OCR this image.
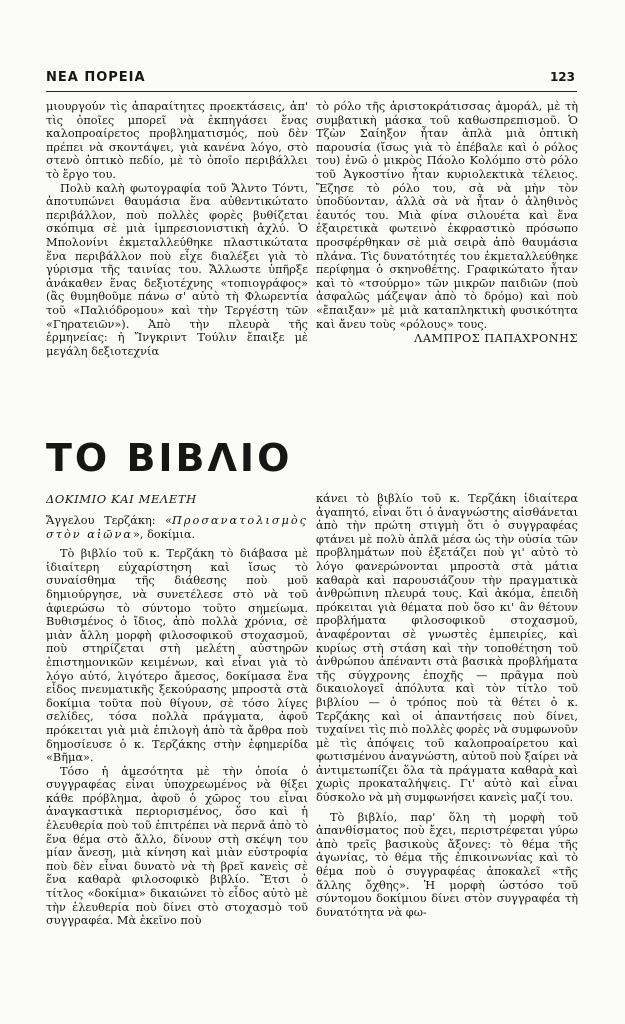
ΝΕΑ ΠΟΡΕΙΑ	123

μιουργούν τὶς ἀπαραίτητες προεκτάσεις, ἀπ' τὶς ὁποῖες μπορεῖ νὰ ἐκπηγάσει ἕνας καλοπροαίρετος προβληματισμός, ποὺ δὲν πρέπει νὰ σκοντάψει, γιὰ κανένα λόγο, στὸ στενὸ ὀπτικὸ πεδίο, μὲ τὸ ὁποῖο περιβάλλει τὸ ἔργο του.

Πολὺ καλὴ φωτογραφία τοῦ Ἄλντο Τόντι, ἀποτυπώνει θαυμάσια ἕνα αὐθεντικώτατο περιβάλλον, ποὺ πολλὲς φορὲς βυθίζεται σκόπιμα σὲ μιὰ ἰμπρεσιονιστικὴ ἀχλύ. Ὁ Μπολονίνι ἐκμεταλλεύθηκε πλαστικώτατα ἕνα περιβάλλον ποὺ εἶχε διαλέξει γιὰ τὸ γύρισμα τῆς ταινίας του. Ἄλλωστε ὑπῆρξε ἀνάκαθεν ἕνας δεξιοτέχνης «τοπιογράφος» (ἂς θυμηθοῦμε πάνω σ' αὐτὸ τὴ Φλωρεντία τοῦ «Παλιόδρομου» καὶ τὴν Τεργέστη τῶν «Γηρατειῶν»). Ἀπὸ τὴν πλευρὰ τῆς ἑρμηνείας: ἡ Ἴνγκριντ Τούλιν ἔπαιξε μὲ μεγάλη δεξιοτεχνία

τὸ ρόλο τῆς ἀριστοκράτισσας ἀμοράλ, μὲ τὴ συμβατικὴ μάσκα τοῦ καθωσπρεπισμοῦ. Ὁ Τζὼν Σαίηξον ἦταν ἀπλὰ μιὰ ὀπτικὴ παρουσία (ἴσως γιὰ τὸ ἐπέβαλε καὶ ὁ ρόλος του) ἐνῶ ὁ μικρὸς Πάολο Κολόμπο στὸ ρόλο τοῦ Ἀγκοστίνο ἦταν κυριολεκτικὰ τέλειος. Ἔζησε τὸ ρόλο του, σὰ νὰ μὴν τὸν ὑποδύονταν, ἀλλὰ σὰ νὰ ἦταν ὁ ἀληθινὸς ἑαυτός του. Μιὰ φίνα σιλουέτα καὶ ἕνα ἐξαιρετικὰ φωτεινὸ ἐκφραστικὸ πρόσωπο προσφέρθηκαν σὲ μιὰ σειρὰ ἀπὸ θαυμάσια πλάνα. Τὶς δυνατότητές του ἐκμεταλλεύθηκε περίφημα ὁ σκηνοθέτης. Γραφικώτατο ἦταν καὶ τὸ «τσούρμο» τῶν μικρῶν παιδιῶν (ποὺ ἀσφαλῶς μάζεψαν ἀπὸ τὸ δρόμο) καὶ ποὺ «ἔπαιξαν» μὲ μιὰ καταπληκτικὴ φυσικότητα καὶ ἄνευ τοὺς «ρόλους» τους.

ΛΑΜΠΡΟΣ ΠΑΠΑΧΡΟΝΗΣ
ΤΟ ΒΙΒΛΙΟ
ΔΟΚΙΜΙΟ ΚΑΙ ΜΕΛΕΤΗ

Ἄγγελου Τερζάκη: «Προσανατολισμὸς στὸν αἰῶνα», δοκίμια.

Τὸ βιβλίο τοῦ κ. Τερζάκη τὸ διάβασα μὲ ἰδιαίτερη εὐχαρίστηση καὶ ἴσως τὸ συναίσθημα τῆς διάθεσης ποὺ μοῦ δημιούργησε, νὰ συνετέλεσε στὸ νὰ τοῦ ἀφιερώσω τὸ σύντομο τοῦτο σημείωμα. Βυθισμένος ὁ ἴδιος, ἀπὸ πολλὰ χρόνια, σὲ μιὰν ἄλλη μορφὴ φιλοσοφικοῦ στοχασμοῦ, ποὺ στηρίζεται στὴ μελέτη αὐστηρῶν ἐπιστημονικῶν κειμένων, καὶ εἶναι γιὰ τὸ λόγο αὐτό, λιγότερο ἄμεσος, δοκίμασα ἕνα εἶδος πνευματικῆς ξεκούρασης μπροστὰ στὰ δοκίμια τοῦτα ποὺ θίγουν, σὲ τόσο λίγες σελίδες, τόσα πολλὰ πράγματα, ἀφοῦ πρόκειται γιὰ μιὰ ἐπιλογὴ ἀπὸ τὰ ἄρθρα ποὺ δημοσίευσε ὁ κ. Τερζάκης στὴν ἐφημερίδα «Βῆμα».

Τόσο ἡ ἀμεσότητα μὲ τὴν ὁποία ὁ συγγραφέας εἶναι ὑποχρεωμένος νὰ θίξει κάθε πρόβλημα, ἀφοῦ ὁ χῶρος του εἶναι ἀναγκαστικὰ περιορισμένος, ὅσο καὶ ἡ ἐλευθερία ποὺ τοῦ ἐπιτρέπει νὰ περνᾶ ἀπὸ τὸ ἕνα θέμα στὸ ἄλλο, δίνουν στὴ σκέψη του μίαν ἄνεση, μιὰ κίνηση καὶ μιὰν εὐστροφία ποὺ δὲν εἶναι δυνατὸ νὰ τὴ βρεῖ κανεὶς σὲ ἕνα καθαρὰ φιλοσοφικὸ βιβλίο. Ἔτσι ὁ τίτλος «δοκίμια» δικαιώνει τὸ εἶδος αὐτὸ μὲ τὴν ἐλευθερία ποὺ δίνει στὸ στοχασμὸ τοῦ συγγραφέα. Μὰ ἐκεῖνο ποὺ

κάνει τὸ βιβλίο τοῦ κ. Τερζάκη ἰδιαίτερα ἀγαπητό, εἶναι ὅτι ὁ ἀναγνώστης αἰσθάνεται ἀπὸ τὴν πρώτη στιγμὴ ὅτι ὁ συγγραφέας φτάνει μὲ πολὺ ἁπλᾶ μέσα ὡς τὴν οὐσία τῶν προβλημάτων ποὺ ἐξετάζει ποὺ γι' αὐτὸ τὸ λόγο φανερώνονται μπροστὰ στὰ μάτια καθαρὰ καὶ παρουσιάζουν τὴν πραγματικὰ ἀνθρώπινη πλευρά τους. Καὶ ἀκόμα, ἐπειδὴ πρόκειται γιὰ θέματα ποὺ ὅσο κι' ἂν θέτουν προβλήματα φιλοσοφικοῦ στοχασμοῦ, ἀναφέρονται σὲ γνωστὲς ἐμπειρίες, καὶ κυρίως στὴ στάση καὶ τὴν τοποθέτηση τοῦ ἀνθρώπου ἀπέναντι στὰ βασικὰ προβλήματα τῆς σύγχρονης ἐποχῆς — πρᾶγμα ποὺ δικαιολογεῖ ἀπόλυτα καὶ τὸν τίτλο τοῦ βιβλίου — ὁ τρόπος ποὺ τὰ θέτει ὁ κ. Τερζάκης καὶ οἱ ἀπαντήσεις ποὺ δίνει, τυχαίνει τὶς πιὸ πολλὲς φορὲς νὰ συμφωνοῦν μὲ τὶς ἀπόψεις τοῦ καλοπροαίρετου καὶ φωτισμένου ἀναγνώστη, αὐτοῦ ποὺ ξαίρει νὰ ἀντιμετωπίζει ὅλα τὰ πράγματα καθαρὰ καὶ χωρὶς προκαταλήψεις. Γι' αὐτὸ καὶ εἶναι δύσκολο νὰ μὴ συμφωνήσει κανεὶς μαζί του.

Τὸ βιβλίο, παρ' ὅλη τὴ μορφὴ τοῦ ἀπανθίσματος ποὺ ἔχει, περιστρέφεται γύρω ἀπὸ τρεῖς βασικοὺς ἄξονες: τὸ θέμα τῆς ἀγωνίας, τὸ θέμα τῆς ἐπικοινωνίας καὶ τὸ θέμα ποὺ ὁ συγγραφέας ἀποκαλεῖ «τῆς ἄλλης ὄχθης». Ἡ μορφὴ ὡστόσο τοῦ σύντομου δοκίμιου δίνει στὸν συγγραφέα τὴ δυνατότητα νὰ φω-
